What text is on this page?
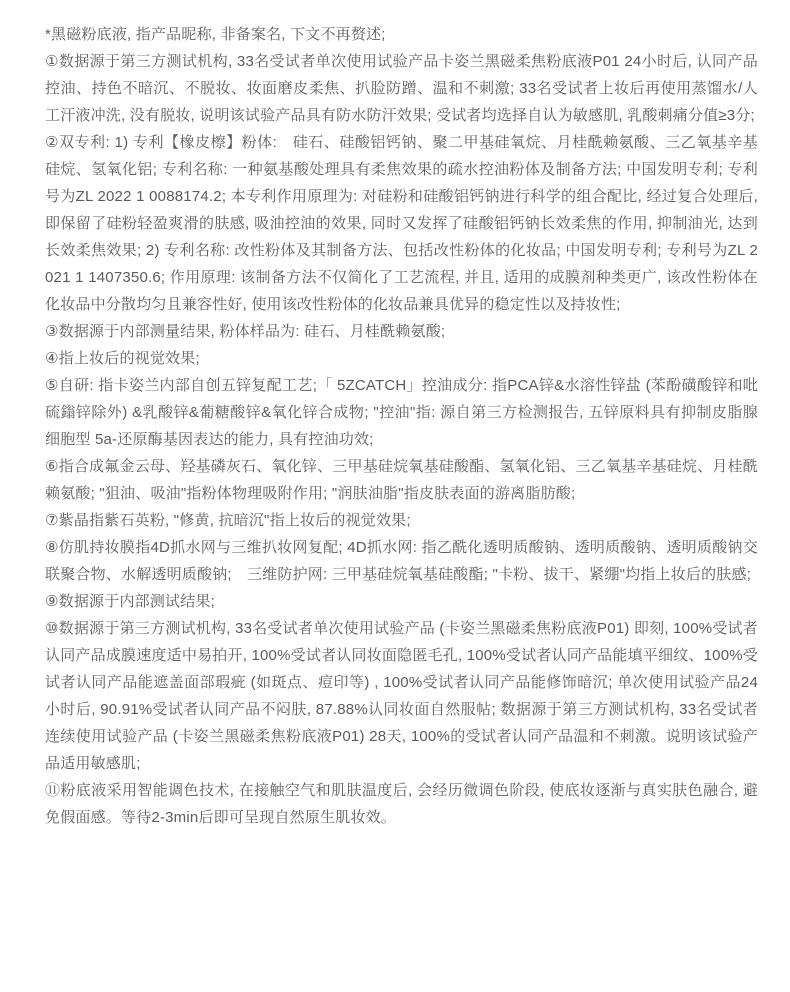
*黑磁粉底液, 指产品昵称, 非备案名, 下文不再赘述;

①数据源于第三方测试机构, 33名受试者单次使用试验产品卡姿兰黑磁柔焦粉底液P01 24小时后, 认同产品控油、持色不暗沉、不脱妆、妆面磨皮柔焦、扒脸防蹭、温和不刺激; 33名受试者上妆后再使用蒸馏水/人工汗液冲洗, 没有脱妆, 说明该试验产品具有防水防汗效果; 受试者均选择自认为敏感肌, 乳酸刺痛分值≥3分;

②双专利: 1) 专利【橡皮檫】粉体:　硅石、硅酸铝钙钠、聚二甲基硅氧烷、月桂酰赖氨酸、三乙氧基辛基硅烷、氢氧化铝; 专利名称: 一种氨基酸处理具有柔焦效果的疏水控油粉体及制备方法; 中国发明专利; 专利号为ZL 2022 1 0088174.2; 本专利作用原理为: 对硅粉和硅酸铝钙钠进行科学的组合配比, 经过复合处理后, 即保留了硅粉轻盈爽滑的肤感, 吸油控油的效果, 同时又发挥了硅酸铝钙钠长效柔焦的作用, 抑制油光, 达到长效柔焦效果; 2) 专利名称: 改性粉体及其制备方法、包括改性粉体的化妆品; 中国发明专利; 专利号为ZL 2021 1 1407350.6; 作用原理: 该制备方法不仅简化了工艺流程, 并且, 适用的成膜剂种类更广, 该改性粉体在化妆品中分散均匀且兼容性好, 使用该改性粉体的化妆品兼具优异的稳定性以及持妆性;

③数据源于内部测量结果, 粉体样品为: 硅石、月桂酰赖氨酸;

④指上妆后的视觉效果;

⑤自研: 指卡姿兰内部自创五锌复配工艺;「 5ZCATCH」控油成分: 指PCA锌&水溶性锌盐 (苯酚磺酸锌和吡硫鎓锌除外) &乳酸锌&葡糖酸锌&氧化锌合成物; "控油"指: 源自第三方检测报告, 五锌原料具有抑制皮脂腺细胞型 5a-还原酶基因表达的能力, 具有控油功效;

⑥指合成氟金云母、羟基磷灰石、氧化锌、三甲基硅烷氧基硅酸酯、氢氧化铝、三乙氧基辛基硅烷、月桂酰赖氨酸; "狙油、吸油"指粉体物理吸附作用; "润肤油脂"指皮肤表面的游离脂肪酸;

⑦紫晶指紫石英粉, "修黄, 抗暗沉"指上妆后的视觉效果;

⑧仿肌持妆膜指4D抓水网与三维扒妆网复配; 4D抓水网: 指乙酰化透明质酸钠、透明质酸钠、透明质酸钠交联聚合物、水解透明质酸钠;　三维防护网: 三甲基硅烷氧基硅酸酯; "卡粉、拔干、紧绷"均指上妆后的肤感;

⑨数据源于内部测试结果;

⑩数据源于第三方测试机构, 33名受试者单次使用试验产品 (卡姿兰黑磁柔焦粉底液P01) 即刻, 100%受试者认同产品成膜速度适中易拍开, 100%受试者认同妆面隐匿毛孔, 100%受试者认同产品能填平细纹、100%受试者认同产品能遮盖面部瑕疵 (如斑点、痘印等) , 100%受试者认同产品能修饰暗沉; 单次使用试验产品24小时后, 90.91%受试者认同产品不闷肤, 87.88%认同妆面自然服帖; 数据源于第三方测试机构, 33名受试者连续使用试验产品 (卡姿兰黑磁柔焦粉底液P01) 28天, 100%的受试者认同产品温和不刺激。说明该试验产品适用敏感肌;

⑪粉底液采用智能调色技术, 在接触空气和肌肤温度后, 会经历微调色阶段, 使底妆逐渐与真实肤色融合, 避免假面感。等待2-3min后即可呈现自然原生肌妆效。
